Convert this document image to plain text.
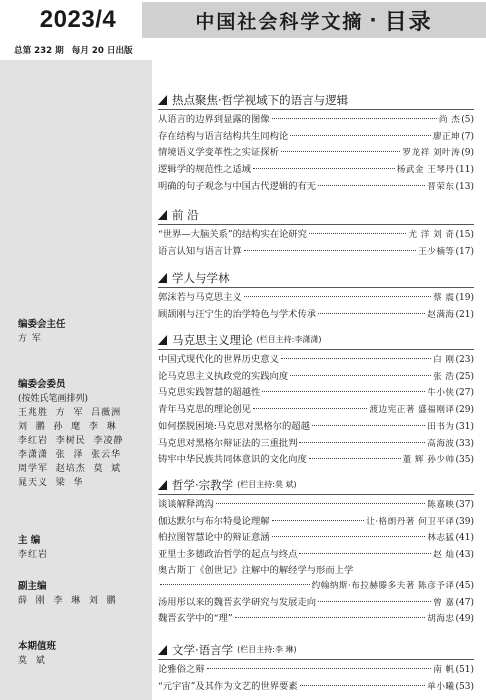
2023/4	中国社会科学文摘 · 目录
总第 232 期 每月 20 日出版
编委会主任
方 军
编委会委员
(按姓氏笔画排列)
王兆胜  方  军  吕薇洲
刘  鹏  孙  麾  李  琳
李红岩  李树民  李凌静
李潇潇  张  泽  张云华
周学军  赵培杰  莫  斌
晁天义  梁  华
主 编
李红岩
副主编
薛  刚  李  琳  刘  鹏
本期值班
莫  斌
热点聚焦·哲学视域下的语言与逻辑
从语言的边界到显露的图像	尚 杰 (5)
存在结构与语言结构共生同构论	廖正坤 (7)
情境语义学变革性之实证探析	罗龙祥 刘叶涛 (9)
逻辑学的规范性之适域	杨武金 王琴丹 (11)
明确的句子观念与中国古代逻辑的有无	晋荣东 (13)
前 沿
“世界—大脑关系”的结构实在论研究	尤 洋 刘 奇 (15)
语言认知与语言计算	王少楠等 (17)
学人与学林
郭沫若与马克思主义	蔡 震 (19)
顾颉刚与汪宁生的治学特色与学术传承	赵满海 (21)
马克思主义理论 (栏目主持:李潇潇)
中国式现代化的世界历史意义	白 刚 (23)
论马克思主义执政党的实践向度	张 浩 (25)
马克思实践智慧的超越性	牛小侠 (27)
青年马克思的理论创见	渡边宪正著 盛福刚译 (29)
如何摆脱困境:马克思对黑格尔的超越	田书为 (31)
马克思对黑格尔辩证法的三重批判	高海波 (33)
铸牢中华民族共同体意识的文化向度	董 辉 孙少帅 (35)
哲学·宗教学 (栏目主持:莫 斌)
谈谈解释鸿沟	陈嘉映 (37)
伽达默尔与布尔特曼论理解	让·格朗丹著 何卫平译 (39)
柏拉图智慧论中的辩证意涵	林志猛 (41)
亚里士多德政治哲学的起点与终点	赵 灿 (43)
奥古斯丁《创世记》注解中的解经学与形而上学
约翰纳斯·布拉赫滕多夫著 陈彦予译 (45)
汤用彤以来的魏晋玄学研究与发展走向	曾 嘉 (47)
魏晋玄学中的“理”	胡海忠 (49)
文学·语言学 (栏目主持:李 琳)
论雅俗之辩	南 帆 (51)
“元宇宙”及其作为文艺的世界要素	单小曦 (53)
